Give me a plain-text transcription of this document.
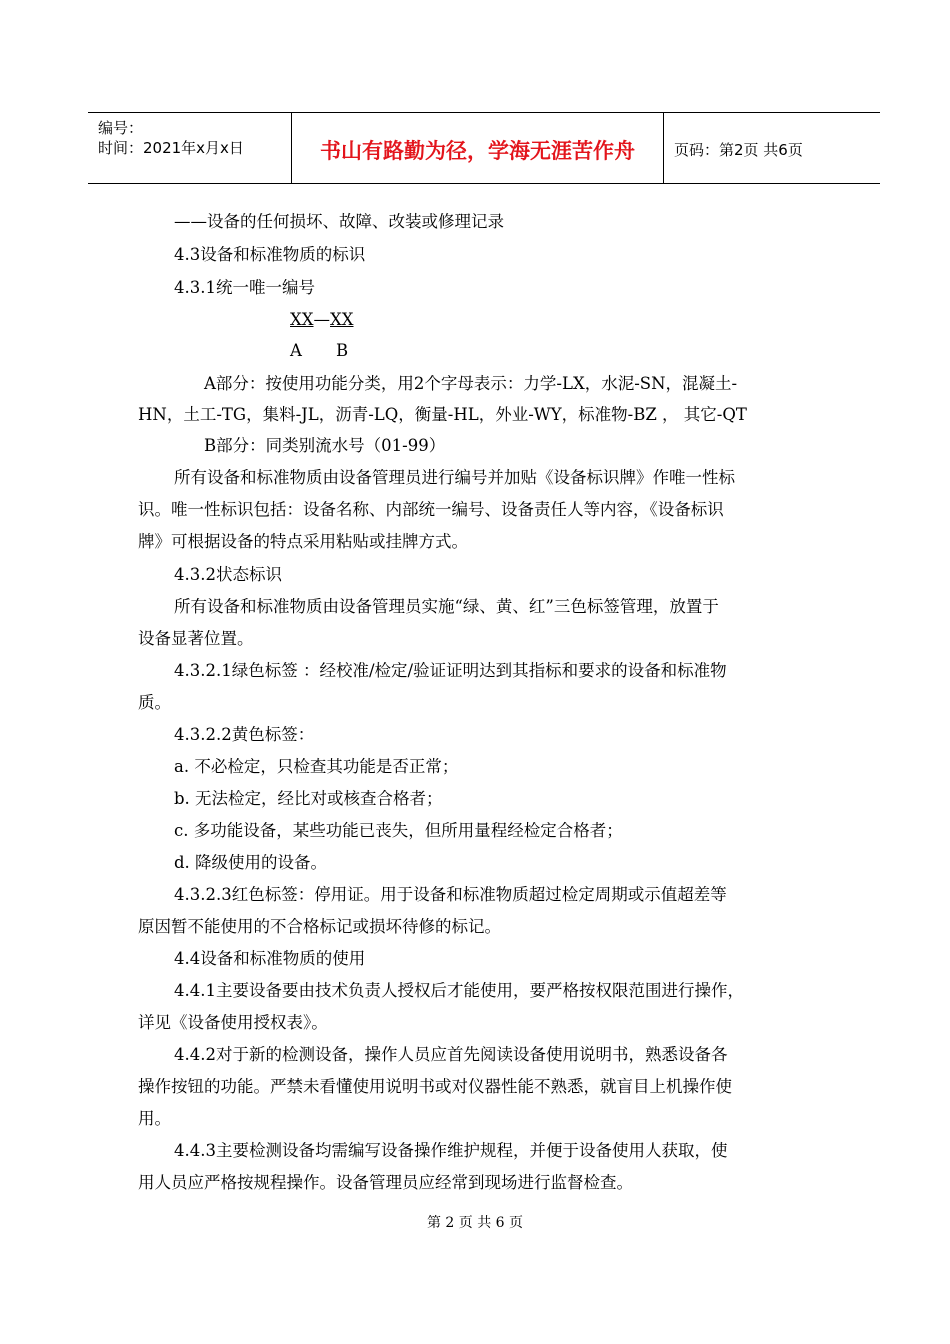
编号：
时间：2021年x月x日	书山有路勤为径，学海无涯苦作舟	页码：第2页 共6页
——设备的任何损坏、故障、改装或修理记录
4.3设备和标准物质的标识
4.3.1统一唯一编号
XX—XX
A B
A部分：按使用功能分类，用2个字母表示：力学-LX，水泥-SN，混凝土-
HN，土工-TG，集料-JL，沥青-LQ，衡量-HL，外业-WY，标准物-BZ ， 其它-QT
B部分：同类别流水号（01-99）
所有设备和标准物质由设备管理员进行编号并加贴《设备标识牌》作唯一性标
识。唯一性标识包括：设备名称、内部统一编号、设备责任人等内容，《设备标识
牌》可根据设备的特点采用粘贴或挂牌方式。
4.3.2状态标识
所有设备和标准物质由设备管理员实施“绿、黄、红”三色标签管理，放置于
设备显著位置。
4.3.2.1绿色标签 ：经校准/检定/验证证明达到其指标和要求的设备和标准物
质。
4.3.2.2黄色标签：
a. 不必检定，只检查其功能是否正常；
b. 无法检定，经比对或核查合格者；
c. 多功能设备，某些功能已丧失，但所用量程经检定合格者；
d. 降级使用的设备。
4.3.2.3红色标签：停用证。用于设备和标准物质超过检定周期或示值超差等
原因暂不能使用的不合格标记或损坏待修的标记。
4.4设备和标准物质的使用
4.4.1主要设备要由技术负责人授权后才能使用，要严格按权限范围进行操作，
详见《设备使用授权表》。
4.4.2对于新的检测设备，操作人员应首先阅读设备使用说明书，熟悉设备各
操作按钮的功能。严禁未看懂使用说明书或对仪器性能不熟悉，就盲目上机操作使
用。
4.4.3主要检测设备均需编写设备操作维护规程，并便于设备使用人获取，使
用人员应严格按规程操作。设备管理员应经常到现场进行监督检查。
第 2 页 共 6 页
